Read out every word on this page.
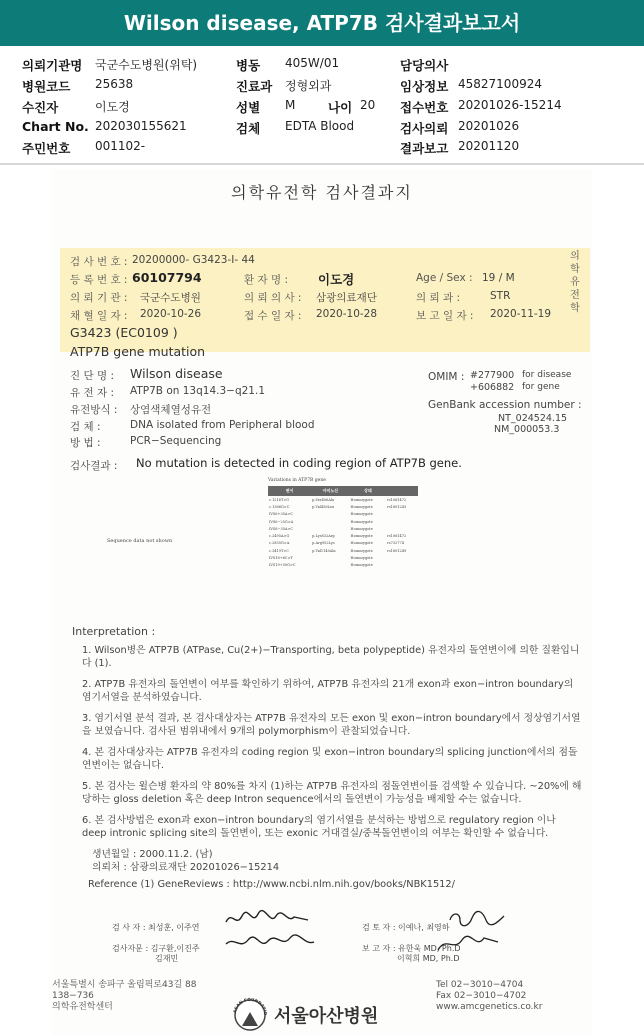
Wilson disease, ATP7B 검사결과보고서
의뢰기관명 국군수도병원(위탁)	병동 405W/01	담당의사
병원코드 25638	진료과 정형외과	임상정보 45827100924
수진자	이도경	성별 M	나이 20 접수번호 20201026-15214
Chart No. 202030155621	검체 EDTA Blood	검사의뢰 20201026
주민번호 001102-	결과보고 20201120
의학유전학 검사결과지
검 사 번 호 : 20200000- G3423-I- 44
등 록 번 호 : 60107794	환 자 명 : 이도경	Age / Sex : 19 / M
의 뢰 기 관 : 국군수도병원	의 뢰 의 사 : 삼광의료재단	의 뢰 과 :	STR
채 혈 일 자 : 2020-10-26	접 수 일 자 : 2020-10-28	보 고 일 자 : 2020-11-19
의학유전학
G3423 (EC0109 )
ATP7B gene mutation
진 단 명 : Wilson disease
유 전 자 : ATP7B on 13q14.3−q21.1
유전방식 : 상염색체열성유전
검 체 :	DNA isolated from Peripheral blood
방 법 :	PCR−Sequencing
OMIM : #277900 for disease
+606882 for gene
GenBank accession number :
NT_024524.15
NM_000053.3
검사결과 : No mutation is detected in coding region of ATP7B gene.
Sequence data not shown
Variations in ATP7B gene
변이	아미노산	상태	
c.1216T>G	p.Ser406Ala	Homozygote	rs1061472
c.1366G>C	p.Val456Leu	Homozygote	rs1801243
IVS6+35A>C		Homozygote	
IVS6−25G>A		Homozygote	
IVS8−35A>C		Homozygote	
c.2495A>G	p.Lys832Arg	Homozygote	rs1061472
c.2855G>A	p.Arg952Lys	Homozygote	rs732774
c.3419T>C	p.Val1140Ala	Homozygote	rs1801249
IVS18+6C>T		Homozygote	
IVS19+50G>C		Homozygote	
Interpretation :

1. Wilson병은 ATP7B (ATPase, Cu(2+)−Transporting, beta polypeptide) 유전자의 돌연변이에 의한 질환입니다 (1).

2. ATP7B 유전자의 돌연변이 여부를 확인하기 위하여, ATP7B 유전자의 21개 exon과 exon−intron boundary의 염기서열을 분석하였습니다.

3. 염기서열 분석 결과, 본 검사대상자는 ATP7B 유전자의 모든 exon 및 exon−intron boundary에서 정상염기서열을 보였습니다. 검사된 범위내에서 9개의 polymorphism이 관찰되었습니다.

4. 본 검사대상자는 ATP7B 유전자의 coding region 및 exon−intron boundary의 splicing junction에서의 점돌연변이는 없습니다.

5. 본 검사는 윌슨병 환자의 약 80%를 차지 (1)하는 ATP7B 유전자의 점돌연변이를 검색할 수 있습니다. ~20%에 해당하는 gloss deletion 혹은 deep Intron sequence에서의 돌연변이 가능성을 배제할 수는 없습니다.

6. 본 검사방법은 exon과 exon−intron boundary의 염기서열을 분석하는 방법으로 regulatory region 이나 deep intronic splicing site의 돌연변이, 또는 exonic 거대결실/중복돌연변이의 여부는 확인할 수 없습니다.

생년월일 : 2000.11.2. (남)
의뢰처 : 삼광의료재단 20201026−15214
Reference (1) GeneReviews : http://www.ncbi.nlm.nih.gov/books/NBK1512/
검 사 자 : 최성훈, 이주연
검사자문 : 김구환,이진주
김재민
검 토 자 : 이예나, 최영하
보 고 자 : 유한욱 MD, Ph.D
이혁희 MD, Ph.D
서울특별시 송파구 올림픽로43길 88
138−736
의학유전학센터	ASAN FOUNDATIO 서울아산병원
Tel 02−3010−4704
Fax 02−3010−4702
www.amcgenetics.co.kr
